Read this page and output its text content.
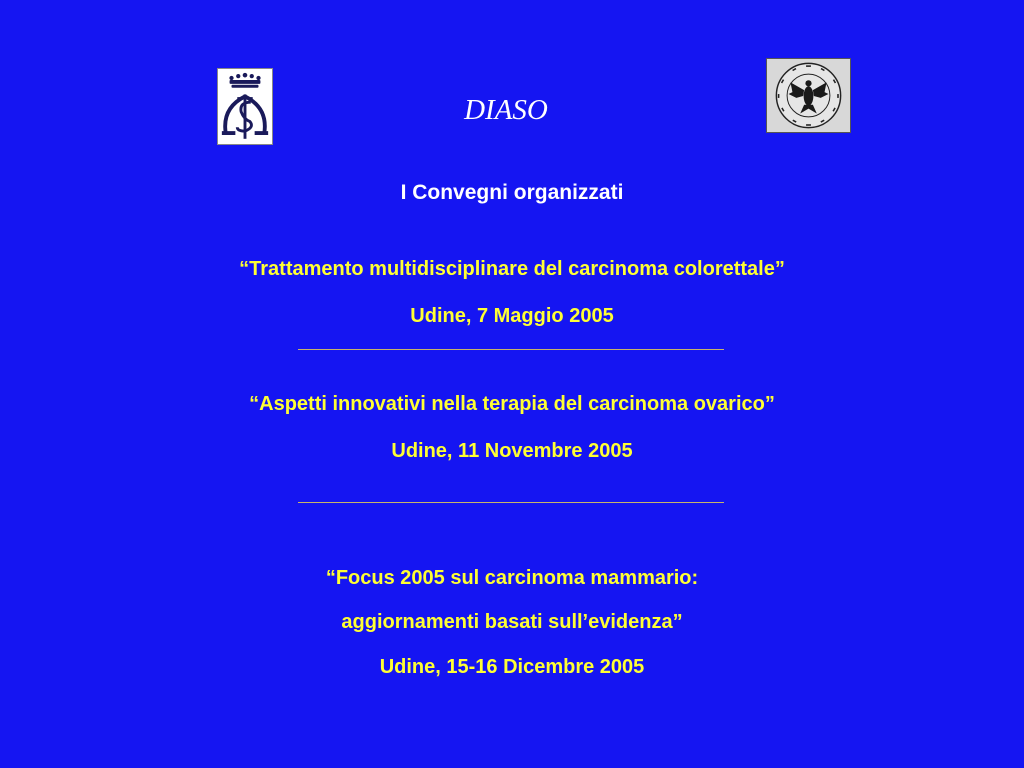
DIASO
I Convegni organizzati
“Trattamento multidisciplinare del carcinoma colorettale”
Udine, 7 Maggio 2005
“Aspetti innovativi nella terapia del carcinoma ovarico”
Udine, 11 Novembre 2005
“Focus 2005 sul carcinoma mammario:
aggiornamenti basati sull’evidenza”
Udine, 15-16 Dicembre 2005
